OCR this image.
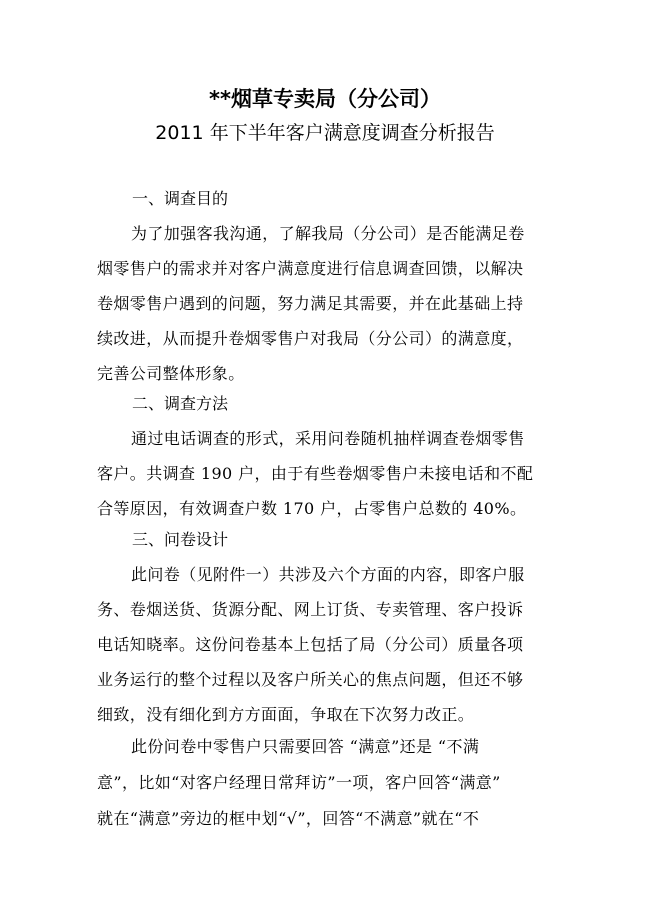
**烟草专卖局（分公司）
2011 年下半年客户满意度调查分析报告
一、调查目的

为了加强客我沟通，了解我局（分公司）是否能满足卷
烟零售户的需求并对客户满意度进行信息调查回馈，以解决
卷烟零售户遇到的问题，努力满足其需要，并在此基础上持
续改进，从而提升卷烟零售户对我局（分公司）的满意度，
完善公司整体形象。

二、调查方法

通过电话调查的形式，采用问卷随机抽样调查卷烟零售
客户。共调查 190 户，由于有些卷烟零售户未接电话和不配
合等原因，有效调查户数 170 户，占零售户总数的 40%。

三、问卷设计

此问卷（见附件一）共涉及六个方面的内容，即客户服
务、卷烟送货、货源分配、网上订货、专卖管理、客户投诉
电话知晓率。这份问卷基本上包括了局（分公司）质量各项
业务运行的整个过程以及客户所关心的焦点问题，但还不够
细致，没有细化到方方面面，争取在下次努力改正。

此份问卷中零售户只需要回答 “满意”还是 “不满
意”，比如“对客户经理日常拜访”一项，客户回答“满意”
就在“满意”旁边的框中划“√”，回答“不满意”就在“不
